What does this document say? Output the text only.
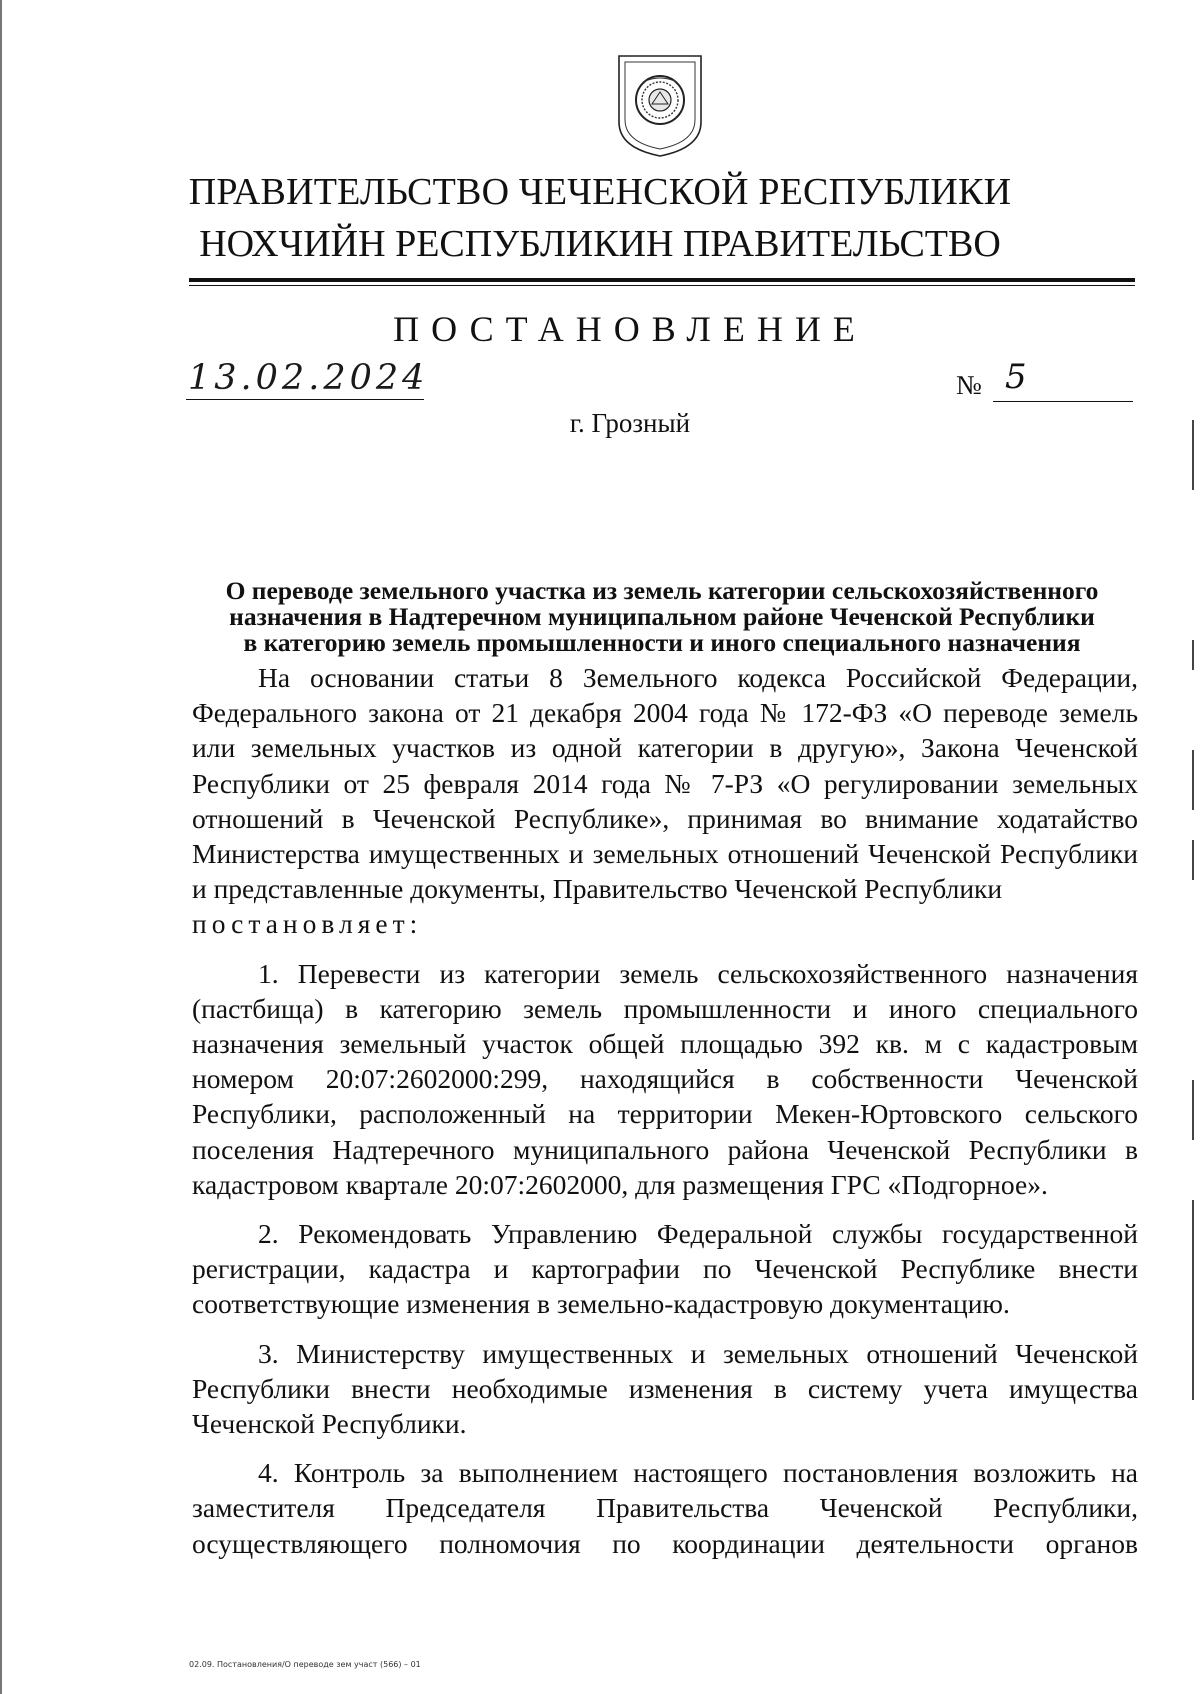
ПРАВИТЕЛЬСТВО ЧЕЧЕНСКОЙ РЕСПУБЛИКИ
НОХЧИЙН РЕСПУБЛИКИН ПРАВИТЕЛЬСТВО
ПОСТАНОВЛЕНИЕ
13.02.2024	№ 5
г. Грозный
О переводе земельного участка из земель категории сельскохозяйственного
назначения в Надтеречном муниципальном районе Чеченской Республики
в категорию земель промышленности и иного специального назначения

На основании статьи 8 Земельного кодекса Российской Федерации,
Федерального закона от 21 декабря 2004 года № 172-ФЗ «О переводе земель
или земельных участков из одной категории в другую», Закона Чеченской
Республики от 25 февраля 2014 года № 7-РЗ «О регулировании земельных
отношений в Чеченской Республике», принимая во внимание ходатайство
Министерства имущественных и земельных отношений Чеченской Республики
и представленные документы, Правительство Чеченской Республики
постановляет:

1. Перевести из категории земель сельскохозяйственного назначения
(пастбища) в категорию земель промышленности и иного специального
назначения земельный участок общей площадью 392 кв. м с кадастровым
номером 20:07:2602000:299, находящийся в собственности Чеченской
Республики, расположенный на территории Мекен-Юртовского сельского
поселения Надтеречного муниципального района Чеченской Республики в
кадастровом квартале 20:07:2602000, для размещения ГРС «Подгорное».

2. Рекомендовать Управлению Федеральной службы государственной
регистрации, кадастра и картографии по Чеченской Республике внести
соответствующие изменения в земельно-кадастровую документацию.

3. Министерству имущественных и земельных отношений Чеченской
Республики внести необходимые изменения в систему учета имущества
Чеченской Республики.

4. Контроль за выполнением настоящего постановления возложить на
заместителя Председателя Правительства Чеченской Республики,
осуществляющего полномочия по координации деятельности органов

02.09. Постановления/О переводе зем участ (566) – 01
